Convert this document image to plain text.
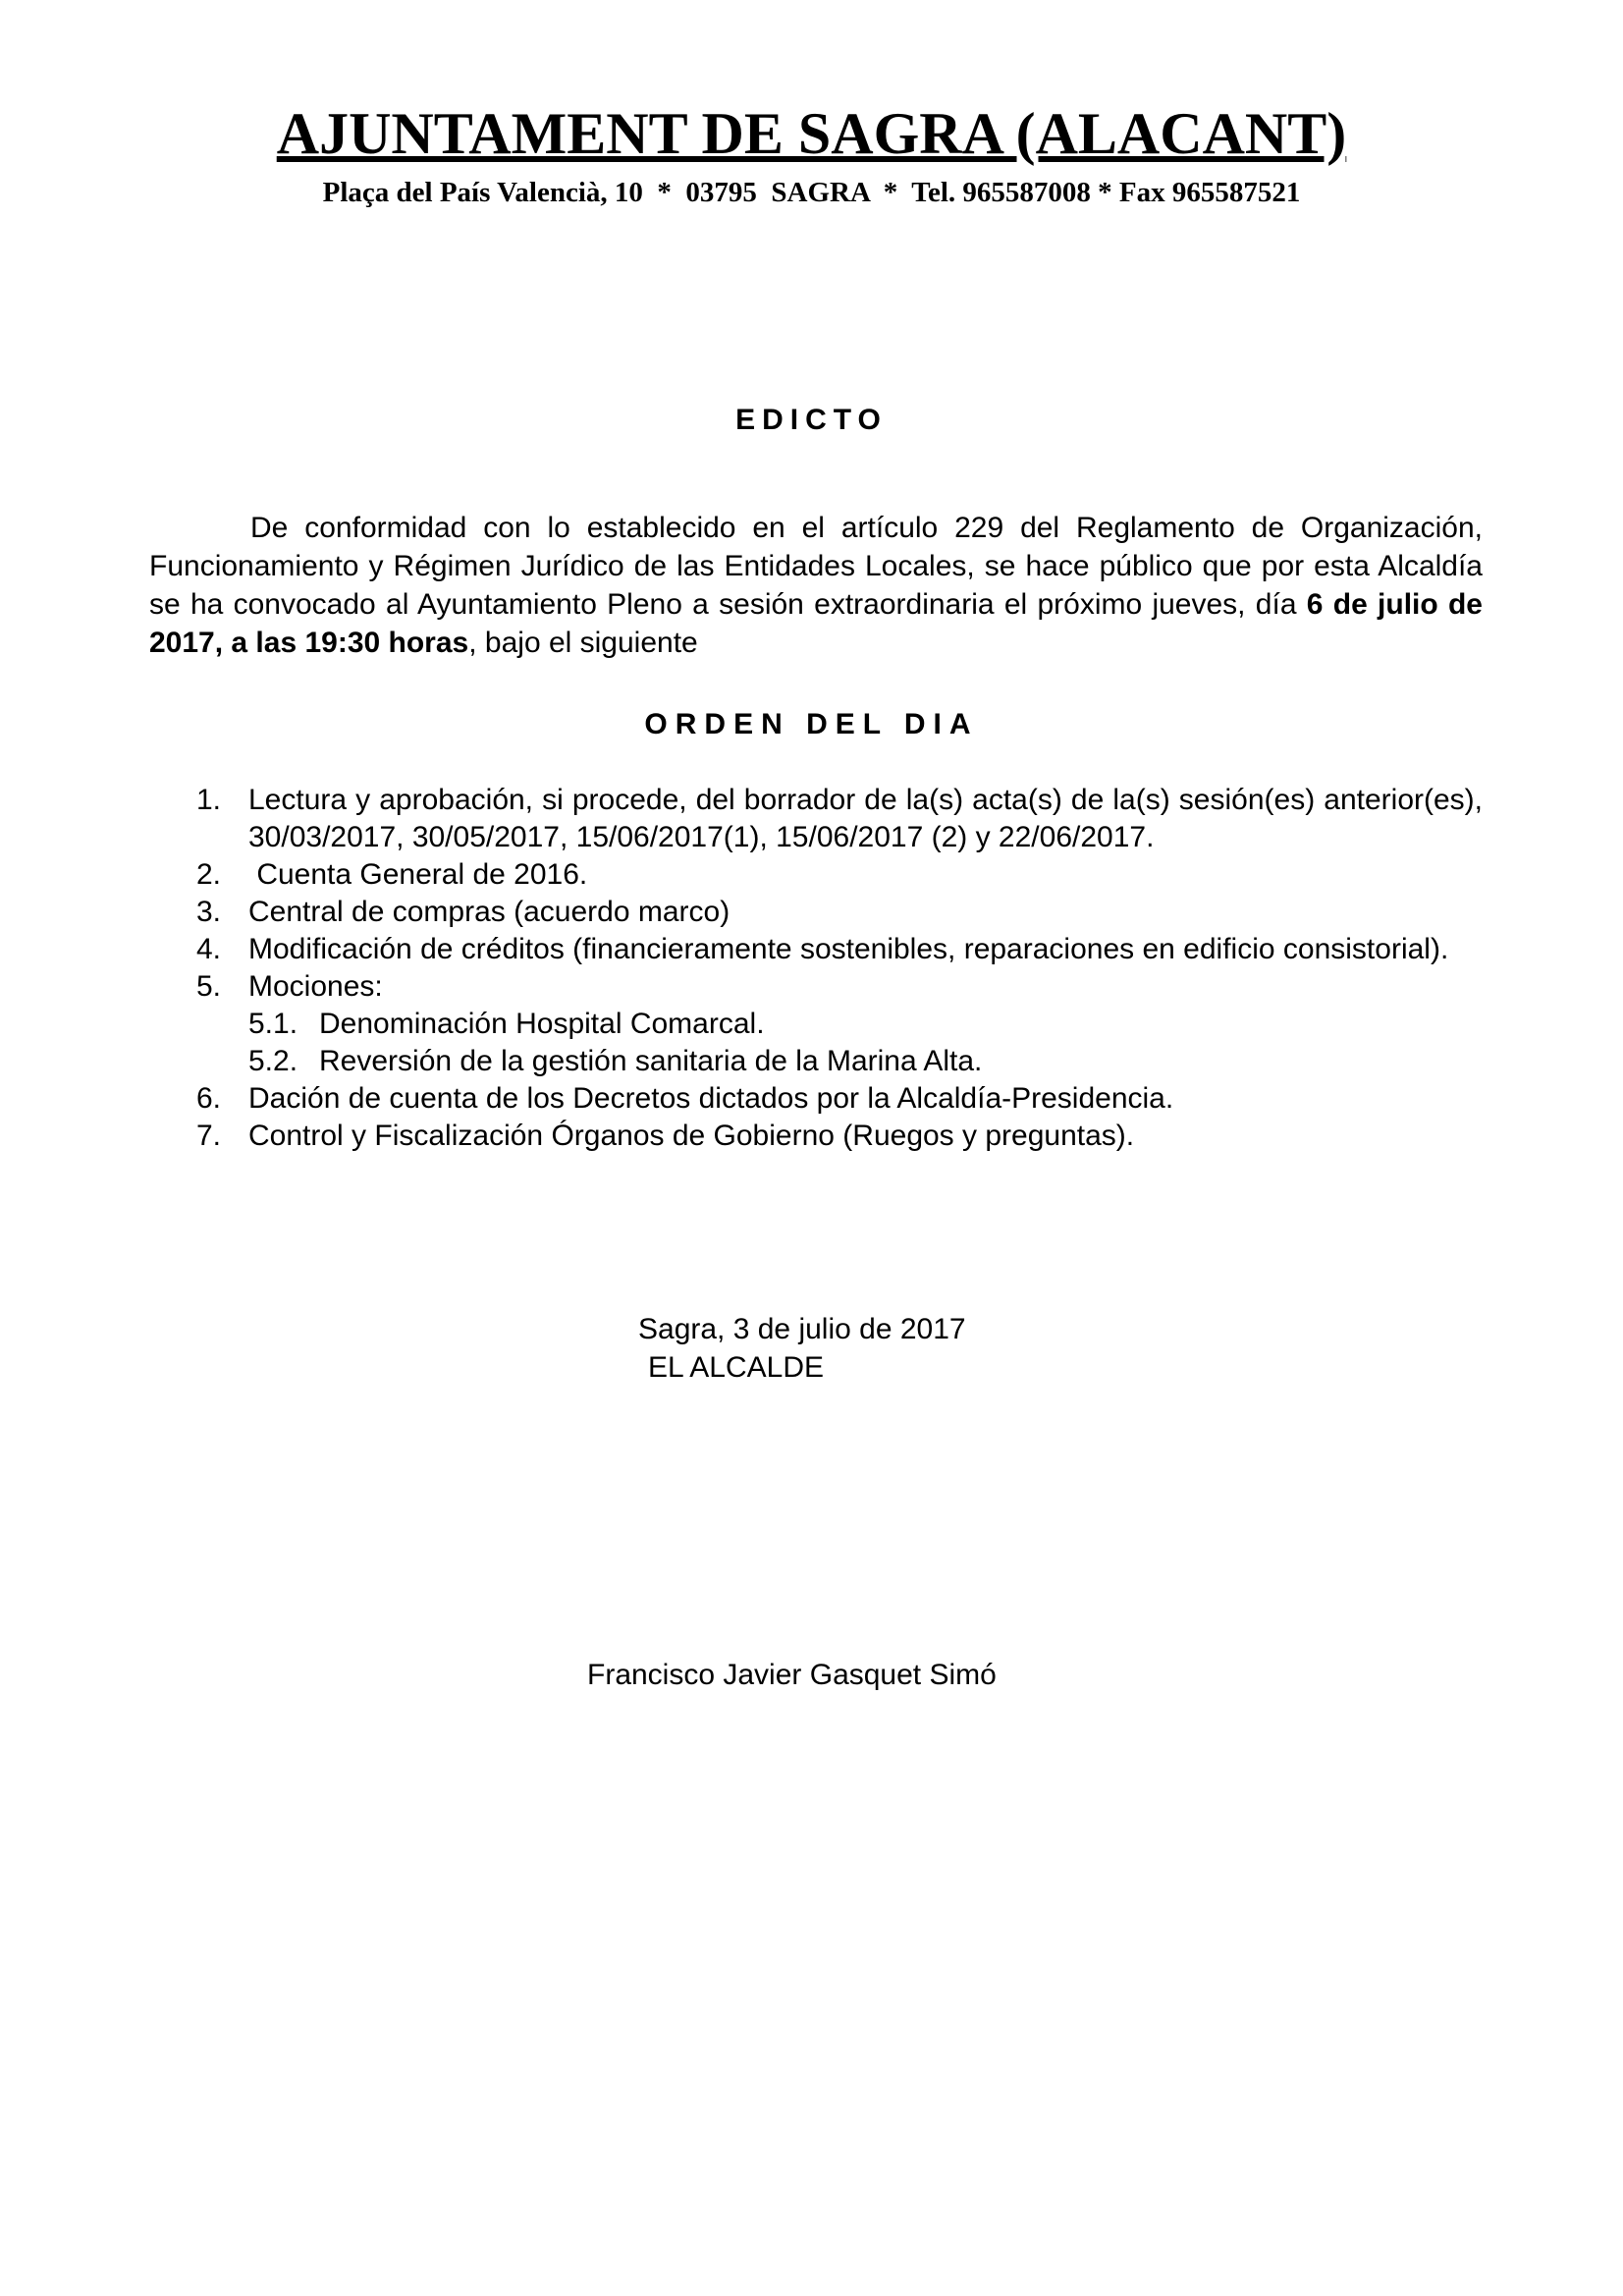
AJUNTAMENT DE SAGRA (ALACANT)
Plaça del País Valencià, 10  *  03795  SAGRA  *  Tel. 965587008 * Fax 965587521
EDICTO

De conformidad con lo establecido en el artículo 229 del Reglamento de Organización, Funcionamiento y Régimen Jurídico de las Entidades Locales, se hace público que por esta Alcaldía se ha convocado al Ayuntamiento Pleno a sesión extraordinaria el próximo jueves, día 6 de julio de 2017, a las 19:30 horas, bajo el siguiente

ORDEN DEL DIA
1. Lectura y aprobación, si procede, del borrador de la(s) acta(s) de la(s) sesión(es) anterior(es), 30/03/2017, 30/05/2017, 15/06/2017(1), 15/06/2017 (2) y 22/06/2017.
2. Cuenta General de 2016.
3. Central de compras (acuerdo marco)
4. Modificación de créditos (financieramente sostenibles, reparaciones en edificio consistorial).
5. Mociones:
5.1. Denominación Hospital Comarcal.
5.2. Reversión de la gestión sanitaria de la Marina Alta.
6. Dación de cuenta de los Decretos dictados por la Alcaldía-Presidencia.
7. Control y Fiscalización Órganos de Gobierno (Ruegos y preguntas).
Sagra, 3 de julio de 2017
EL ALCALDE
Francisco Javier Gasquet Simó
